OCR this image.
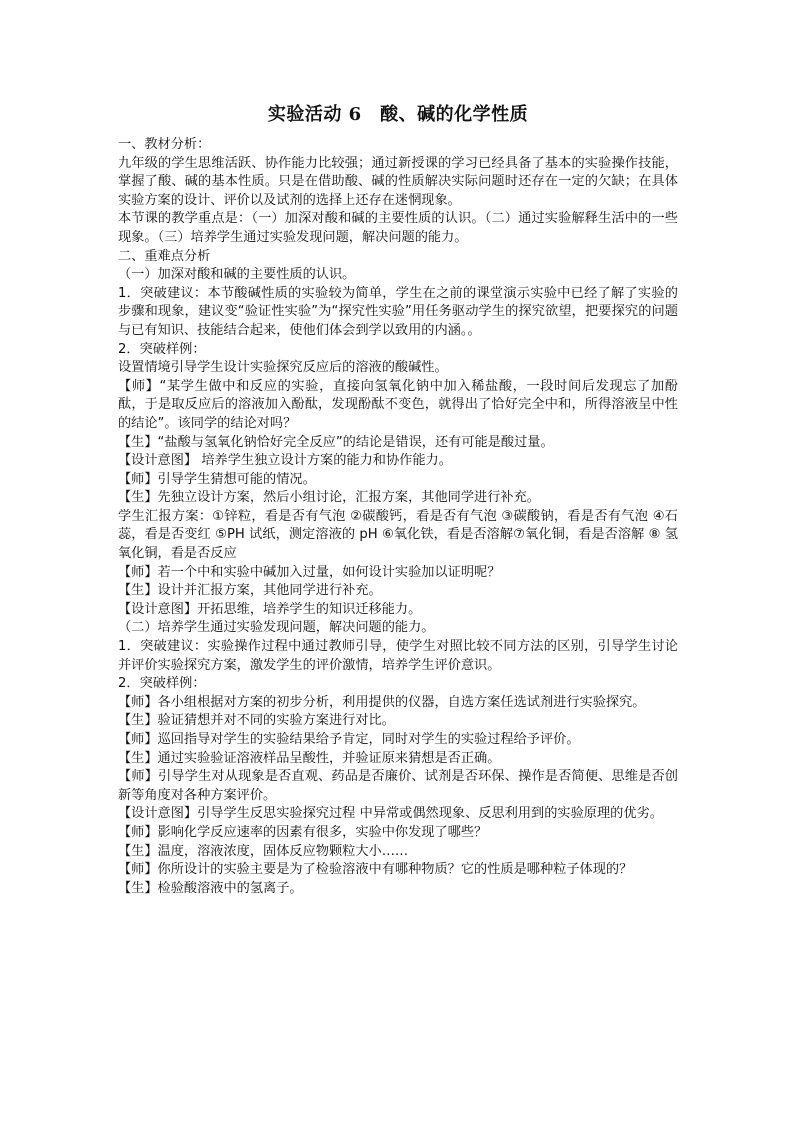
实验活动 6　酸、碱的化学性质

一、教材分析：

九年级的学生思维活跃、协作能力比较强；通过新授课的学习已经具备了基本的实验操作技能，掌握了酸、碱的基本性质。只是在借助酸、碱的性质解决实际问题时还存在一定的欠缺；在具体实验方案的设计、评价以及试剂的选择上还存在迷惘现象。

本节课的教学重点是：（一）加深对酸和碱的主要性质的认识。（二）通过实验解释生活中的一些现象。（三）培养学生通过实验发现问题，解决问题的能力。

二、重难点分析

（一）加深对酸和碱的主要性质的认识。

1．突破建议：本节酸碱性质的实验较为简单，学生在之前的课堂演示实验中已经了解了实验的步骤和现象，建议变“验证性实验”为“探究性实验”用任务驱动学生的探究欲望，把要探究的问题与已有知识、技能结合起来，使他们体会到学以致用的内涵。。

2．突破样例：

设置情境引导学生设计实验探究反应后的溶液的酸碱性。

【师】“某学生做中和反应的实验，直接向氢氧化钠中加入稀盐酸，一段时间后发现忘了加酚酞，于是取反应后的溶液加入酚酞，发现酚酞不变色，就得出了恰好完全中和，所得溶液呈中性的结论”。该同学的结论对吗？

【生】“盐酸与氢氧化钠恰好完全反应”的结论是错误，还有可能是酸过量。

【设计意图】 培养学生独立设计方案的能力和协作能力。

【师】引导学生猜想可能的情况。

【生】先独立设计方案，然后小组讨论，汇报方案，其他同学进行补充。

学生汇报方案：①锌粒，看是否有气泡 ②碳酸钙，看是否有气泡 ③碳酸钠，看是否有气泡 ④石蕊，看是否变红 ⑤PH 试纸，测定溶液的 pH ⑥氧化铁，看是否溶解⑦氧化铜，看是否溶解 ⑧ 氢氧化铜，看是否反应

【师】若一个中和实验中碱加入过量，如何设计实验加以证明呢？

【生】设计并汇报方案，其他同学进行补充。

【设计意图】开拓思维，培养学生的知识迁移能力。

（二）培养学生通过实验发现问题，解决问题的能力。

1．突破建议：实验操作过程中通过教师引导，使学生对照比较不同方法的区别，引导学生讨论并评价实验探究方案，激发学生的评价激情，培养学生评价意识。

2．突破样例：

【师】各小组根据对方案的初步分析，利用提供的仪器，自选方案任选试剂进行实验探究。

【生】验证猜想并对不同的实验方案进行对比。

【师】巡回指导对学生的实验结果给予肯定，同时对学生的实验过程给予评价。

【生】通过实验验证溶液样品呈酸性，并验证原来猜想是否正确。

【师】引导学生对从现象是否直观、药品是否廉价、试剂是否环保、操作是否简便、思维是否创新等角度对各种方案评价。

【设计意图】引导学生反思实验探究过程 中异常或偶然现象、反思利用到的实验原理的优劣。

【师】影响化学反应速率的因素有很多，实验中你发现了哪些？

【生】温度，溶液浓度，固体反应物颗粒大小……

【师】你所设计的实验主要是为了检验溶液中有哪种物质？它的性质是哪种粒子体现的？

【生】检验酸溶液中的氢离子。
